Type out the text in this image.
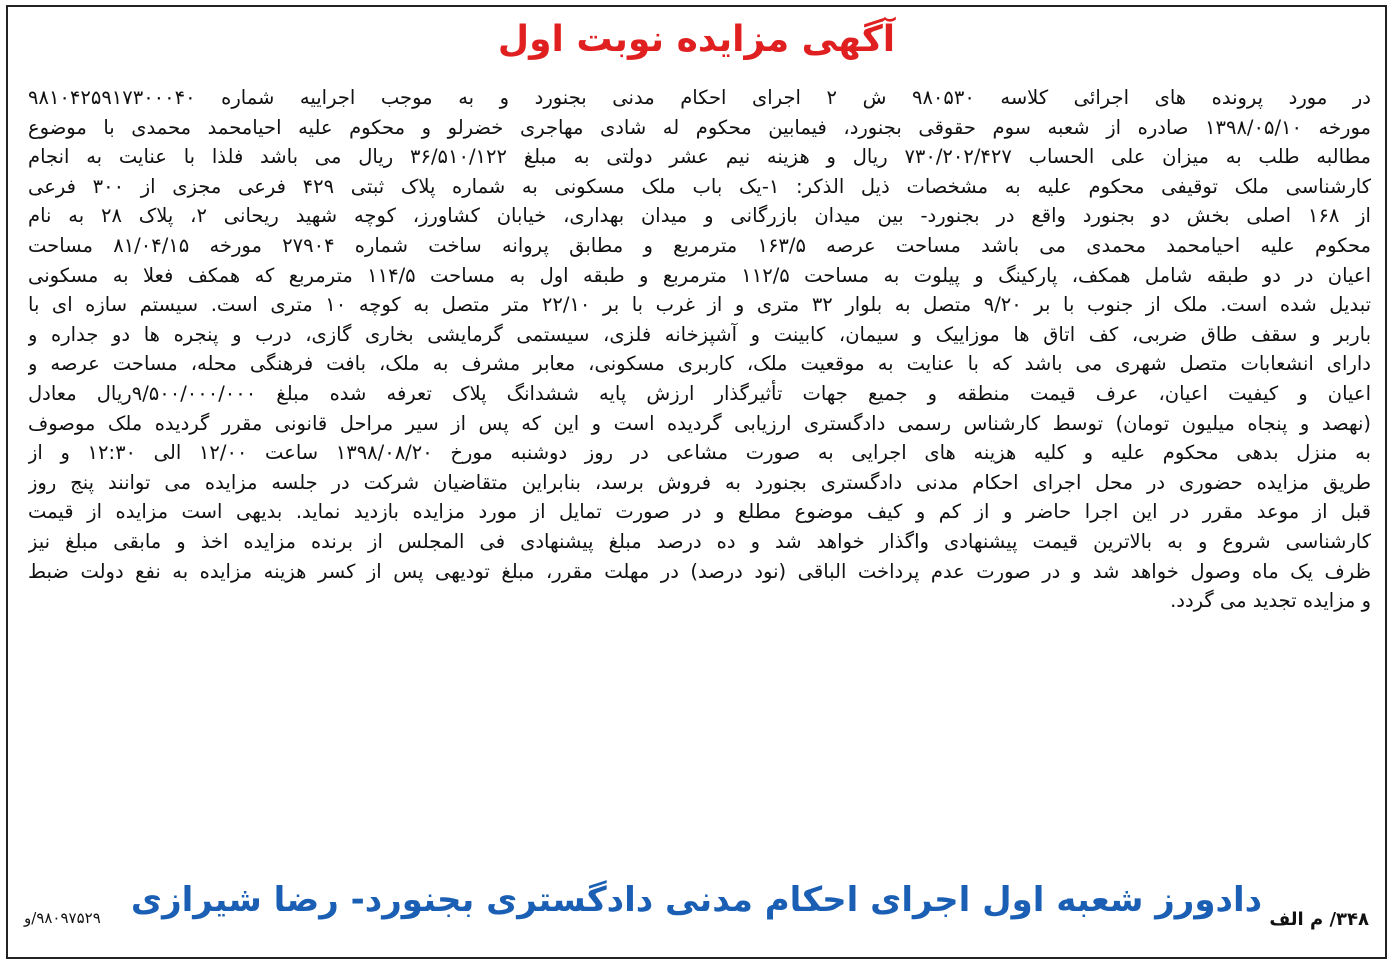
آگهی مزایده نوبت اول
در مورد پرونده های اجرائی کلاسه ۹۸۰۵۳۰ ش ۲ اجرای احکام مدنی بجنورد و به موجب اجراییه شماره ۹۸۱۰۴۲۵۹۱۷۳۰۰۰۴۰
مورخه ۱۳۹۸/۰۵/۱۰ صادره از شعبه سوم حقوقی بجنورد، فیمابین محکوم له شادی مهاجری خضرلو و محکوم علیه احیامحمد محمدی با موضوع
مطالبه طلب به میزان علی الحساب ۷۳۰/۲۰۲/۴۲۷ ریال و هزینه نیم عشر دولتی به مبلغ ۳۶/۵۱۰/۱۲۲ ریال می باشد فلذا با عنایت به انجام
کارشناسی ملک توقیفی محکوم علیه به مشخصات ذیل الذکر: ۱-یک باب ملک مسکونی به شماره پلاک ثبتی ۴۲۹ فرعی مجزی از ۳۰۰ فرعی
از ۱۶۸ اصلی بخش دو بجنورد واقع در بجنورد- بین میدان بازرگانی و میدان بهداری، خیابان کشاورز، کوچه شهید ریحانی ۲، پلاک ۲۸ به نام
محکوم علیه احیامحمد محمدی می باشد مساحت عرصه ۱۶۳/۵ مترمربع و مطابق پروانه ساخت شماره ۲۷۹۰۴ مورخه ۸۱/۰۴/۱۵ مساحت
اعیان در دو طبقه شامل همکف، پارکینگ و پیلوت به مساحت ۱۱۲/۵ مترمربع و طبقه اول به مساحت ۱۱۴/۵ مترمربع که همکف فعلا به مسکونی
تبدیل شده است. ملک از جنوب با بر ۹/۲۰ متصل به بلوار ۳۲ متری و از غرب با بر ۲۲/۱۰ متر متصل به کوچه ۱۰ متری است. سیستم سازه ای با
باربر و سقف طاق ضربی، کف اتاق ها موزاییک و سیمان، کابینت و آشپزخانه فلزی، سیستمی گرمایشی بخاری گازی، درب و پنجره ها دو جداره و
دارای انشعابات متصل شهری می باشد که با عنایت به موقعیت ملک، کاربری مسکونی، معابر مشرف به ملک، بافت فرهنگی محله، مساحت عرصه و
اعیان و کیفیت اعیان، عرف قیمت منطقه و جمیع جهات تأثیرگذار ارزش پایه ششدانگ پلاک تعرفه شده مبلغ ۹/۵۰۰/۰۰۰/۰۰۰ریال معادل
(نهصد و پنجاه میلیون تومان) توسط کارشناس رسمی دادگستری ارزیابی گردیده است و این که پس از سیر مراحل قانونی مقرر گردیده ملک موصوف
به منزل بدهی محکوم علیه و کلیه هزینه های اجرایی به صورت مشاعی در روز دوشنبه مورخ ۱۳۹۸/۰۸/۲۰ ساعت ۱۲/۰۰ الی ۱۲:۳۰ و از
طریق مزایده حضوری در محل اجرای احکام مدنی دادگستری بجنورد به فروش برسد، بنابراین متقاضیان شرکت در جلسه مزایده می توانند پنج روز
قبل از موعد مقرر در این اجرا حاضر و از کم و کیف موضوع مطلع و در صورت تمایل از مورد مزایده بازدید نماید. بدیهی است مزایده از قیمت
کارشناسی شروع و به بالاترین قیمت پیشنهادی واگذار خواهد شد و ده درصد مبلغ پیشنهادی فی المجلس از برنده مزایده اخذ و مابقی مبلغ نیز
ظرف یک ماه وصول خواهد شد و در صورت عدم پرداخت الباقی (نود درصد) در مهلت مقرر، مبلغ تودیهی پس از کسر هزینه مزایده به نفع دولت ضبط
و مزایده تجدید می گردد.
دادورز شعبه اول اجرای احکام مدنی دادگستری بجنورد- رضا شیرازی ۳۴۸/ م الف
۹۸۰۹۷۵۲۹/و
